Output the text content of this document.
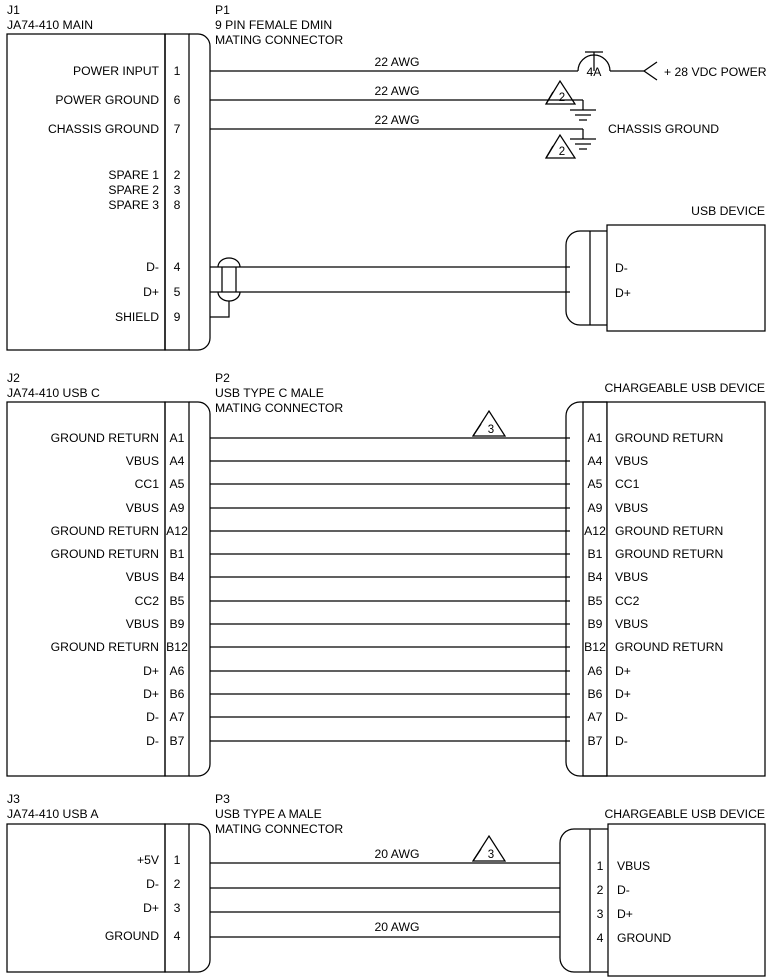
J1
JA74-410 MAIN
P1
9 PIN FEMALE DMIN
MATING CONNECTOR
POWER INPUT
POWER GROUND
CHASSIS GROUND
SPARE 1
SPARE 2
SPARE 3
D-
D+
SHIELD
1
6
7
2
3
8
4
5
9
22 AWG
22 AWG
22 AWG
4A	+ 28 VDC POWER
CHASSIS GROUND
2
2
USB DEVICE
D-
D+
J2
JA74-410 USB C
P2
USB TYPE C MALE
MATING CONNECTOR
GROUND RETURN
VBUS
CC1
VBUS
GROUND RETURN
GROUND RETURN
VBUS
CC2
VBUS
GROUND RETURN
D+
D+
D-
D-
A1
A4
A5
A9
A12
B1
B4
B5
B9
B12
A6
B6
A7
B7
3
CHARGEABLE USB DEVICE
A1
A4
A5
A9
A12
B1
B4
B5
B9
B12
A6
B6
A7
B7
GROUND RETURN
VBUS
CC1
VBUS
GROUND RETURN
GROUND RETURN
VBUS
CC2
VBUS
GROUND RETURN
D+
D+
D-
D-
J3
JA74-410 USB A
P3
USB TYPE A MALE
MATING CONNECTOR
+5V
D-
D+
GROUND
1
2
3
4
20 AWG
20 AWG
3
CHARGEABLE USB DEVICE
1
2
3
4
VBUS
D-
D+
GROUND
